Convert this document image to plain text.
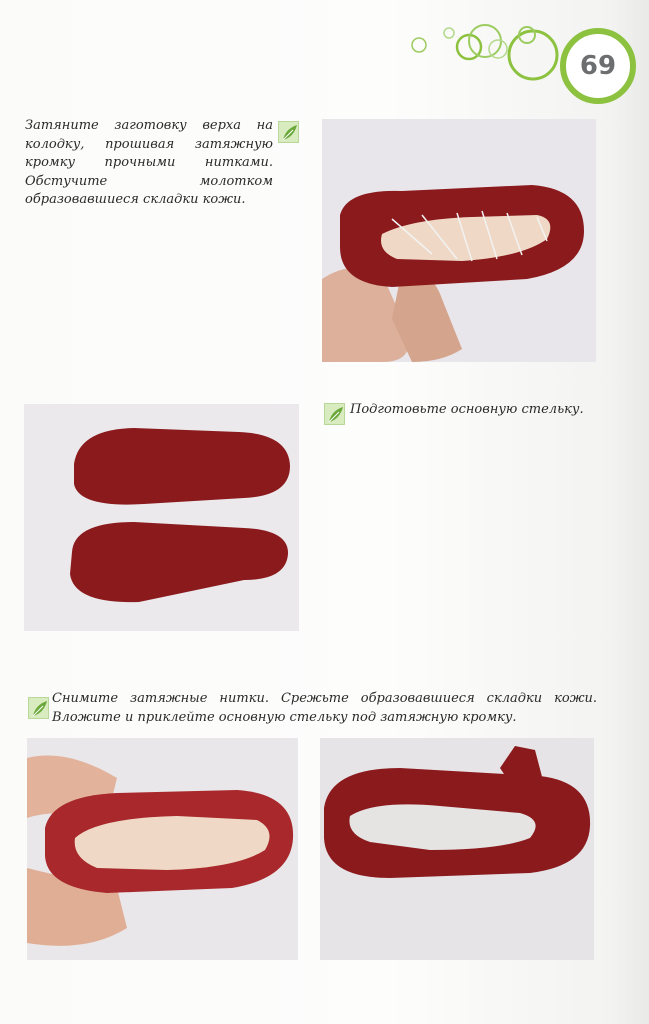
69
Затяните заготовку верха на колодку, прошивая затяжную кромку прочными нитками. Обстучите молотком образовавшиеся складки кожи.
Подготовьте основную стельку.
Снимите затяжные нитки. Срежьте образовавшиеся складки кожи. Вложите и приклейте основную стельку под затяжную кромку.
